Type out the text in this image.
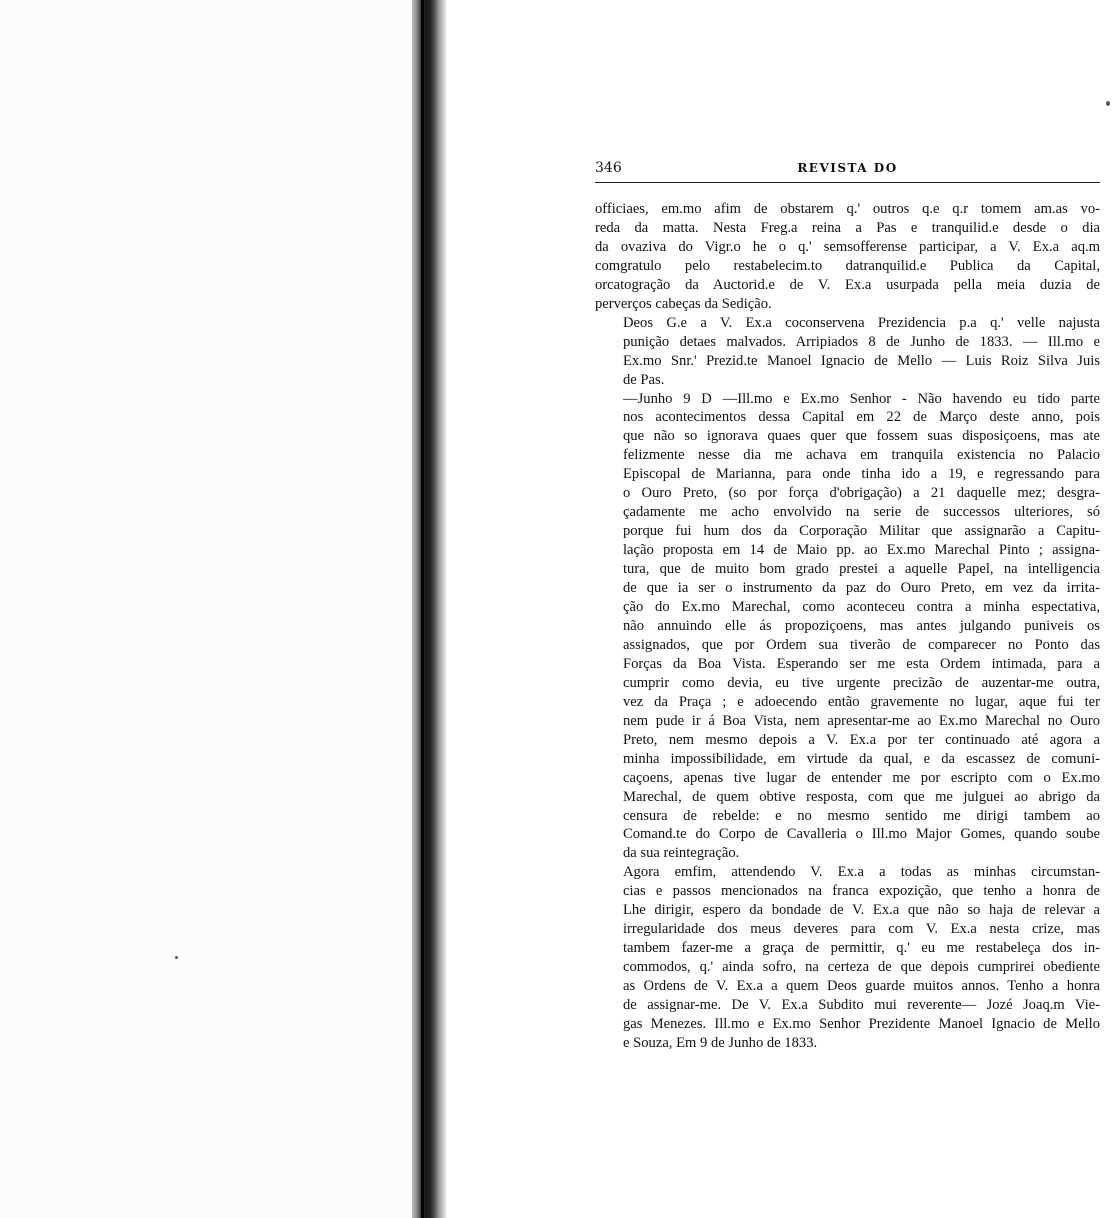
346	REVISTA DO

officiaes, em.mo afim de obstarem q.' outros q.e q.r tomem am.as vo-
reda da matta. Nesta Freg.a reina a Pas e tranquilid.e desde o dia
da ovaziva do Vigr.o he o q.' semsofferense participar, a V. Ex.a aq.m
comgratulo pelo restabelecim.to datranquilid.e Publica da Capital,
orcatogração da Auctorid.e de V. Ex.a usurpada pella meia duzia de
perverços cabeças da Sedição.

Deos G.e a V. Ex.a coconservena Prezidencia p.a q.' velle najusta
punição detaes malvados. Arripiados 8 de Junho de 1833. — Ill.mo e
Ex.mo Snr.' Prezid.te Manoel Ignacio de Mello — Luis Roiz Silva Juis
de Pas.

—Junho 9 D —Ill.mo e Ex.mo Senhor - Não havendo eu tido parte
nos acontecimentos dessa Capital em 22 de Março deste anno, pois
que não so ignorava quaes quer que fossem suas disposiçoens, mas ate
felizmente nesse dia me achava em tranquila existencia no Palacio
Episcopal de Marianna, para onde tinha ido a 19, e regressando para
o Ouro Preto, (so por força d'obrigação) a 21 daquelle mez; desgra-
çadamente me acho envolvido na serie de successos ulteriores, só
porque fui hum dos da Corporação Militar que assignarão a Capitu-
lação proposta em 14 de Maio pp. ao Ex.mo Marechal Pinto ; assigna-
tura, que de muito bom grado prestei a aquelle Papel, na intelligencia
de que ia ser o instrumento da paz do Ouro Preto, em vez da irrita-
ção do Ex.mo Marechal, como aconteceu contra a minha espectativa,
não annuindo elle ás propoziçoens, mas antes julgando puniveis os
assignados, que por Ordem sua tiverão de comparecer no Ponto das
Forças da Boa Vista. Esperando ser me esta Ordem intimada, para a
cumprir como devia, eu tive urgente precizão de auzentar-me outra,
vez da Praça ; e adoecendo então gravemente no lugar, aque fui ter
nem pude ir á Boa Vista, nem apresentar-me ao Ex.mo Marechal no Ouro
Preto, nem mesmo depois a V. Ex.a por ter continuado até agora a
minha impossibilidade, em virtude da qual, e da escassez de comuni-
caçoens, apenas tive lugar de entender me por escripto com o Ex.mo
Marechal, de quem obtive resposta, com que me julguei ao abrigo da
censura de rebelde: e no mesmo sentido me dirigi tambem ao
Comand.te do Corpo de Cavalleria o Ill.mo Major Gomes, quando soube
da sua reintegração.

Agora emfim, attendendo V. Ex.a a todas as minhas circumstan-
cias e passos mencionados na franca expozição, que tenho a honra de
Lhe dirigir, espero da bondade de V. Ex.a que não so haja de relevar a
irregularidade dos meus deveres para com V. Ex.a nesta crize, mas
tambem fazer-me a graça de permittir, q.' eu me restabeleça dos in-
commodos, q.' ainda sofro, na certeza de que depois cumprirei obediente
as Ordens de V. Ex.a a quem Deos guarde muitos annos. Tenho a honra
de assignar-me. De V. Ex.a Subdito mui reverente— Jozé Joaq.m Vie-
gas Menezes. Ill.mo e Ex.mo Senhor Prezidente Manoel Ignacio de Mello
e Souza, Em 9 de Junho de 1833.
